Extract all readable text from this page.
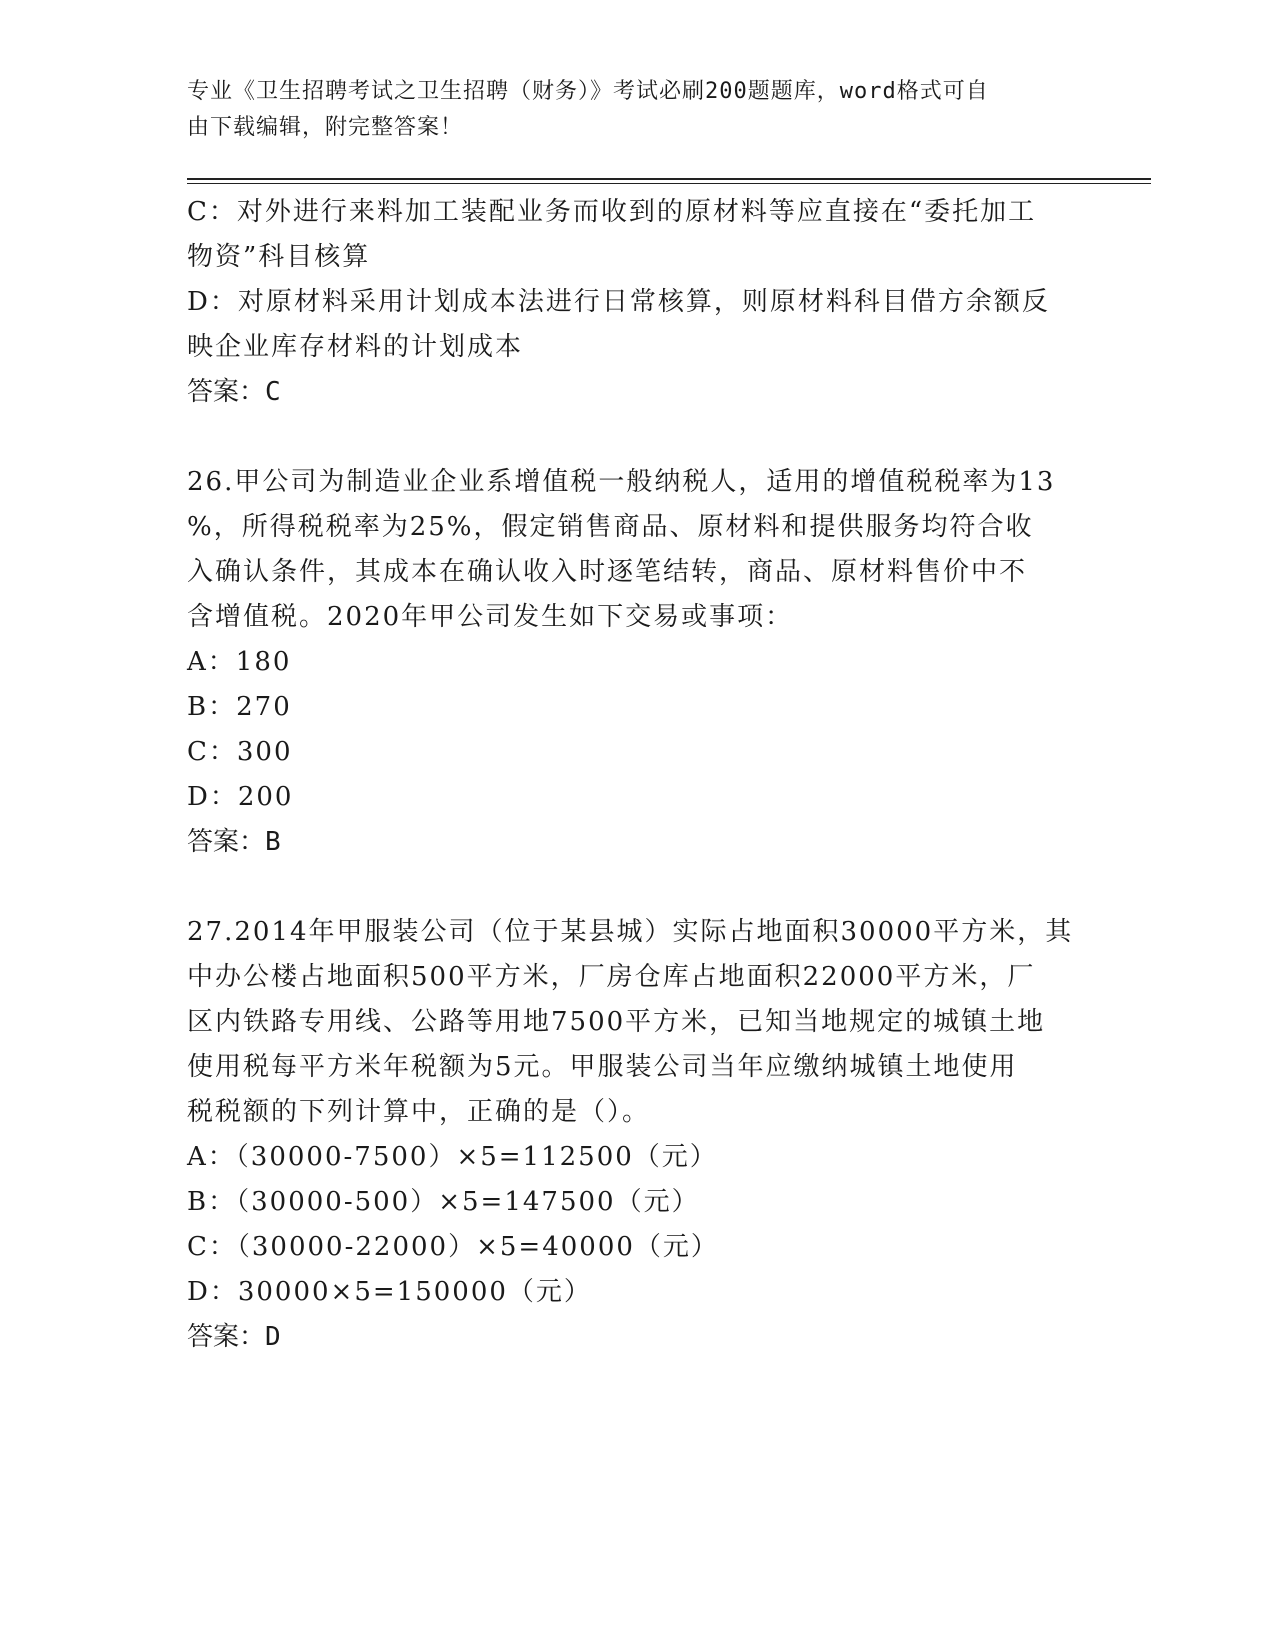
专业《卫生招聘考试之卫生招聘（财务）》考试必刷200题题库，word格式可自
由下载编辑，附完整答案！
C：对外进行来料加工装配业务而收到的原材料等应直接在“委托加工
物资”科目核算
D：对原材料采用计划成本法进行日常核算，则原材料科目借方余额反
映企业库存材料的计划成本
答案：C
26.甲公司为制造业企业系增值税一般纳税人，适用的增值税税率为13
%，所得税税率为25%，假定销售商品、原材料和提供服务均符合收
入确认条件，其成本在确认收入时逐笔结转，商品、原材料售价中不
含增值税。2020年甲公司发生如下交易或事项：
A：180
B：270
C：300
D：200
答案：B
27.2014年甲服装公司（位于某县城）实际占地面积30000平方米，其
中办公楼占地面积500平方米，厂房仓库占地面积22000平方米，厂
区内铁路专用线、公路等用地7500平方米，已知当地规定的城镇土地
使用税每平方米年税额为5元。甲服装公司当年应缴纳城镇土地使用
税税额的下列计算中，正确的是（）。
A：（30000-7500）×5=112500（元）
B：（30000-500）×5=147500（元）
C：（30000-22000）×5=40000（元）
D：30000×5=150000（元）
答案：D
